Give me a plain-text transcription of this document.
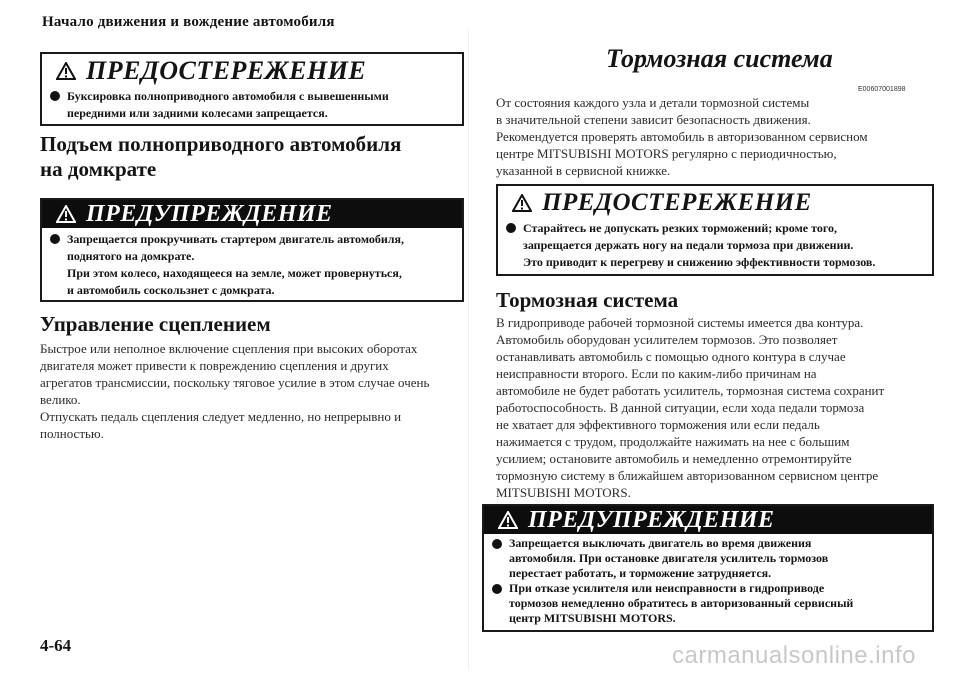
Начало движения и вождение автомобиля
ПРЕДОСТЕРЕЖЕНИЕ
Буксировка полноприводного автомобиля с вывешенными
передними или задними колесами запрещается.
Подъем полноприводного автомобиля
на домкрате
ПРЕДУПРЕЖДЕНИЕ
Запрещается прокручивать стартером двигатель автомобиля,
поднятого на домкрате.
При этом колесо, находящееся на земле, может провернуться,
и автомобиль соскользнет с домкрата.
Управление сцеплением

Быстрое или неполное включение сцепления при высоких оборотах

двигателя может привести к повреждению сцепления и других

агрегатов трансмиссии, поскольку тяговое усилие в этом случае очень

велико.

Отпускать педаль сцепления следует медленно, но непрерывно и

полностью.

4-64
Тормозная система
E00607001898

От состояния каждого узла и детали тормозной системы

в значительной степени зависит безопасность движения.

Рекомендуется проверять автомобиль в авторизованном сервисном

центре MITSUBISHI MOTORS регулярно с периодичностью,

указанной в сервисной книжке.

ПРЕДОСТЕРЕЖЕНИЕ
Старайтесь не допускать резких торможений; кроме того,
запрещается держать ногу на педали тормоза при движении.
Это приводит к перегреву и снижению эффективности тормозов.
Тормозная система

В гидроприводе рабочей тормозной системы имеется два контура.

Автомобиль оборудован усилителем тормозов. Это позволяет

останавливать автомобиль с помощью одного контура в случае

неисправности второго. Если по каким-либо причинам на

автомобиле не будет работать усилитель, тормозная система сохранит

работоспособность. В данной ситуации, если хода педали тормоза

не хватает для эффективного торможения или если педаль

нажимается с трудом, продолжайте нажимать на нее с большим

усилием; остановите автомобиль и немедленно отремонтируйте

тормозную систему в ближайшем авторизованном сервисном центре

MITSUBISHI MOTORS.

ПРЕДУПРЕЖДЕНИЕ
Запрещается выключать двигатель во время движения
автомобиля. При остановке двигателя усилитель тормозов
перестает работать, и торможение затрудняется.
При отказе усилителя или неисправности в гидроприводе
тормозов немедленно обратитесь в авторизованный сервисный
центр MITSUBISHI MOTORS.
carmanualsonline.info
